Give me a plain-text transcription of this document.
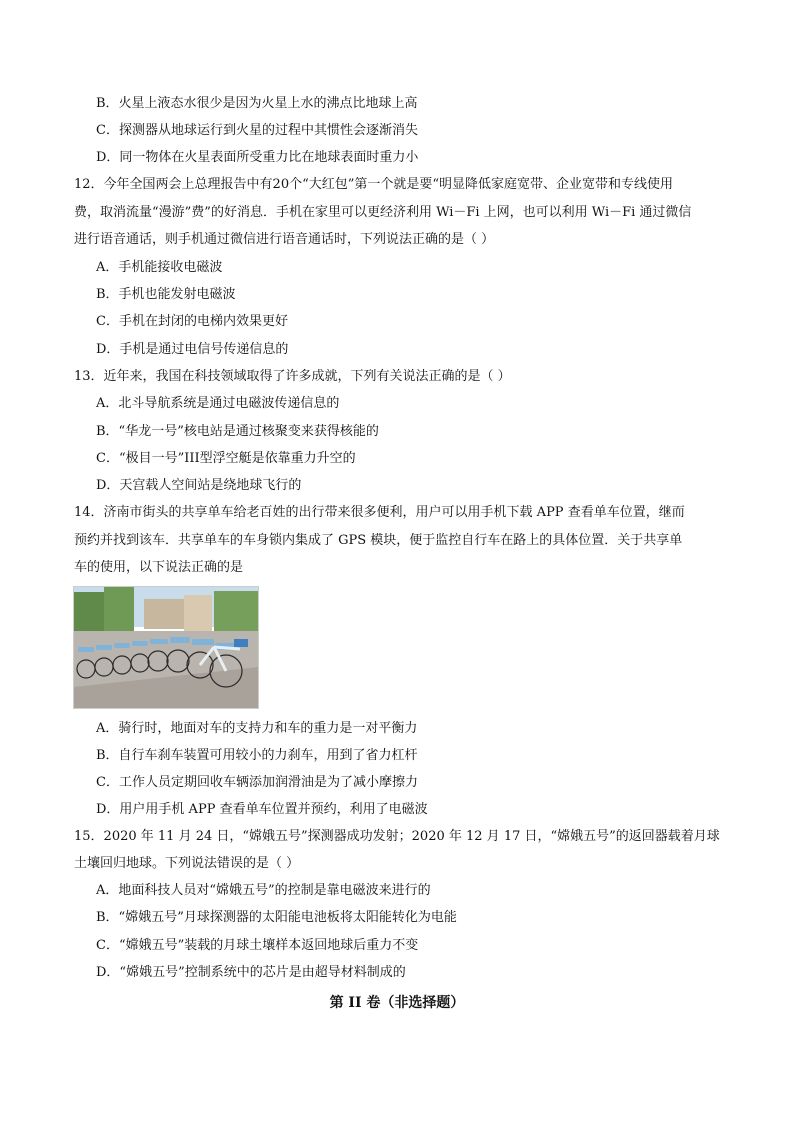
B．火星上液态水很少是因为火星上水的沸点比地球上高
C．探测器从地球运行到火星的过程中其惯性会逐渐消失
D．同一物体在火星表面所受重力比在地球表面时重力小
12．今年全国两会上总理报告中有20个“大红包”第一个就是要“明显降低家庭宽带、企业宽带和专线使用
费，取消流量“漫游”费”的好消息．手机在家里可以更经济利用 Wi－Fi 上网，也可以利用 Wi－Fi 通过微信
进行语音通话，则手机通过微信进行语音通话时，下列说法正确的是（ ）
A．手机能接收电磁波
B．手机也能发射电磁波
C．手机在封闭的电梯内效果更好
D．手机是通过电信号传递信息的
13．近年来，我国在科技领域取得了许多成就，下列有关说法正确的是（ ）
A．北斗导航系统是通过电磁波传递信息的
B．“华龙一号”核电站是通过核聚变来获得核能的
C．“极目一号”III型浮空艇是依靠重力升空的
D．天宫载人空间站是绕地球飞行的
14．济南市街头的共享单车给老百姓的出行带来很多便利，用户可以用手机下载 APP 查看单车位置，继而
预约并找到该车．共享单车的车身锁内集成了 GPS 模块，便于监控自行车在路上的具体位置．关于共享单
车的使用，以下说法正确的是
A．骑行时，地面对车的支持力和车的重力是一对平衡力
B．自行车刹车装置可用较小的力刹车，用到了省力杠杆
C．工作人员定期回收车辆添加润滑油是为了减小摩擦力
D．用户用手机 APP 查看单车位置并预约，利用了电磁波
15．2020 年 11 月 24 日，“嫦娥五号”探测器成功发射；2020 年 12 月 17 日，“嫦娥五号”的返回器载着月球
土壤回归地球。下列说法错误的是（ ）
A．地面科技人员对“嫦娥五号”的控制是靠电磁波来进行的
B．“嫦娥五号”月球探测器的太阳能电池板将太阳能转化为电能
C．“嫦娥五号”装载的月球土壤样本返回地球后重力不变
D．“嫦娥五号”控制系统中的芯片是由超导材料制成的
第 II 卷（非选择题）
